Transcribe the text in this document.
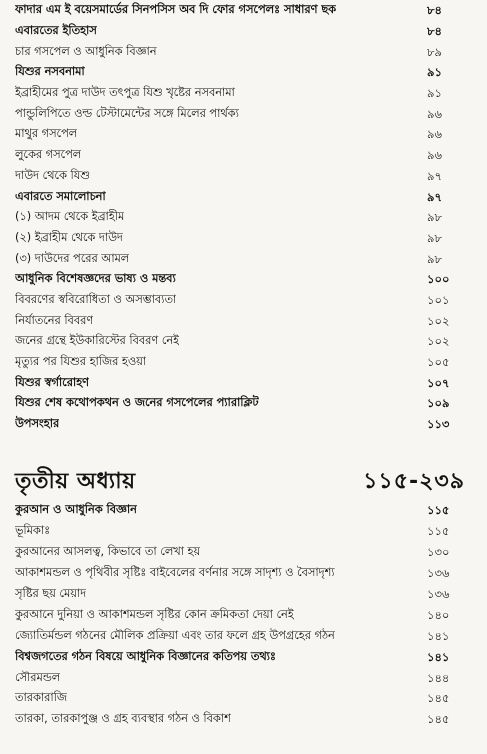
ফাদার এম ই বয়েসমার্ডের সিনপসিস অব দি ফোর গসপেলঃ সাধারণ ছক	৮৪
এবারতের ইতিহাস	৮৪
চার গসপেল ও আধুনিক বিজ্ঞান	৮৯
যিশুর নসবনামা	৯১
ইব্রাহীমের পুত্র দাউদ তৎপুত্র যিশু খৃষ্টের নসবনামা	৯১
পান্ডুলিপিতে ওল্ড টেস্টামেন্টের সঙ্গে মিলের পার্থক্য	৯৬
মাথুর গসপেল	৯৬
লুকের গসপেল	৯৬
দাউদ থেকে যিশু	৯৭
এবারতে সমালোচনা	৯৭
(১) আদম থেকে ইব্রাহীম	৯৮
(২) ইব্রাহীম থেকে দাউদ	৯৮
(৩) দাউদের পরের আমল	৯৮
আধুনিক বিশেষজ্ঞদের ভাষ্য ও মন্তব্য	১০০
বিবরণের স্ববিরোধিতা ও অসম্ভাব্যতা	১০১
নির্যাতনের বিবরণ	১০২
জনের গ্রন্থে ইউকারিস্টের বিবরণ নেই	১০২
মৃত্যুর পর যিশুর হাজির হওয়া	১০৫
যিশুর স্বর্গারোহণ	১০৭
যিশুর শেষ কথোপকথন ও জনের গসপেলের প্যারাক্লিট	১০৯
উপসংহার	১১৩
তৃতীয় অধ্যায়	১১৫-২৩৯
কুরআন ও আধুনিক বিজ্ঞান	১১৫
ভূমিকাঃ	১১৫
কুরআনের আসলত্ব, কিভাবে তা লেখা হয়	১৩০
আকাশমন্ডল ও পৃথিবীর সৃষ্টিঃ বাইবেলের বর্ণনার সঙ্গে সাদৃশ্য ও বৈসাদৃশ্য	১৩৬
সৃষ্টির ছয় মেয়াদ	১৩৬
কুরআনে দুনিয়া ও আকাশমন্ডল সৃষ্টির কোন ক্রমিকতা দেয়া নেই	১৪০
জ্যোতির্মন্ডল গঠনের মৌলিক প্রক্রিয়া এবং তার ফলে গ্রহ উপগ্রহের গঠন	১৪১
বিশ্বজগতের গঠন বিষয়ে আধুনিক বিজ্ঞানের কতিপয় তথ্যঃ	১৪১
সৌরমন্ডল	১৪৪
তারকারাজি	১৪৫
তারকা, তারকাপুঞ্জ ও গ্রহ ব্যবস্থার গঠন ও বিকাশ	১৪৫
